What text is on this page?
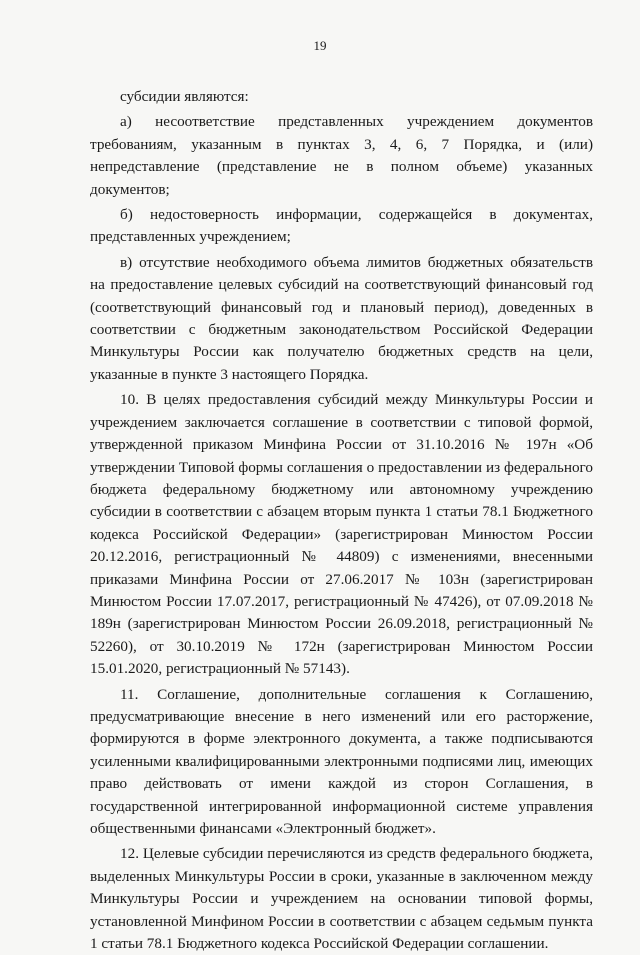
19

субсидии являются:

а) несоответствие представленных учреждением документов требованиям, указанным в пунктах 3, 4, 6, 7 Порядка, и (или) непредставление (представление не в полном объеме) указанных документов;

б) недостоверность информации, содержащейся в документах, представленных учреждением;

в) отсутствие необходимого объема лимитов бюджетных обязательств на предоставление целевых субсидий на соответствующий финансовый год (соответствующий финансовый год и плановый период), доведенных в соответствии с бюджетным законодательством Российской Федерации Минкультуры России как получателю бюджетных средств на цели, указанные в пункте 3 настоящего Порядка.

10. В целях предоставления субсидий между Минкультуры России и учреждением заключается соглашение в соответствии с типовой формой, утвержденной приказом Минфина России от 31.10.2016 № 197н «Об утверждении Типовой формы соглашения о предоставлении из федерального бюджета федеральному бюджетному или автономному учреждению субсидии в соответствии с абзацем вторым пункта 1 статьи 78.1 Бюджетного кодекса Российской Федерации» (зарегистрирован Минюстом России 20.12.2016, регистрационный № 44809) с изменениями, внесенными приказами Минфина России от 27.06.2017 № 103н (зарегистрирован Минюстом России 17.07.2017, регистрационный № 47426), от 07.09.2018 № 189н (зарегистрирован Минюстом России 26.09.2018, регистрационный № 52260), от 30.10.2019 № 172н (зарегистрирован Минюстом России 15.01.2020, регистрационный № 57143).

11. Соглашение, дополнительные соглашения к Соглашению, предусматривающие внесение в него изменений или его расторжение, формируются в форме электронного документа, а также подписываются усиленными квалифицированными электронными подписями лиц, имеющих право действовать от имени каждой из сторон Соглашения, в государственной интегрированной информационной системе управления общественными финансами «Электронный бюджет».

12. Целевые субсидии перечисляются из средств федерального бюджета, выделенных Минкультуры России в сроки, указанные в заключенном между Минкультуры России и учреждением на основании типовой формы, установленной Минфином России в соответствии с абзацем седьмым пункта 1 статьи 78.1 Бюджетного кодекса Российской Федерации соглашении.
